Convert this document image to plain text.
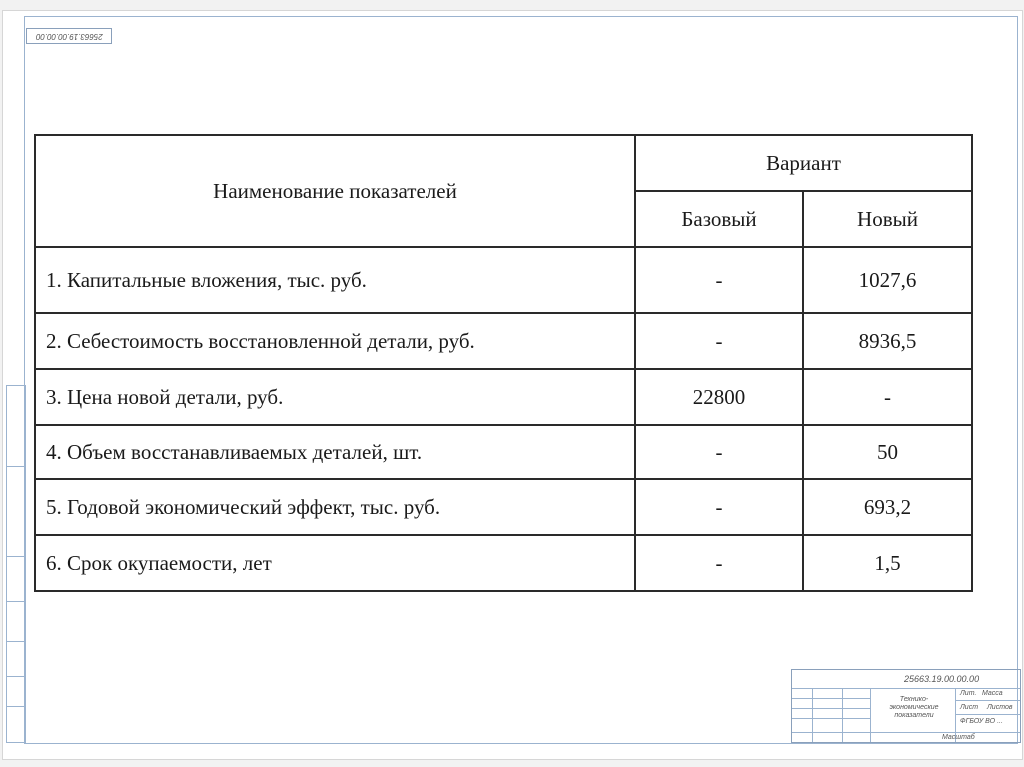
25663.19.00.00.00
Наименование показателей	Вариант	
	Базовый	Новый
1. Капитальные вложения, тыс. руб.	-	1027,6
2. Себестоимость восстановленной детали, руб.	-	8936,5
3. Цена новой детали, руб.	22800	-
4. Объем восстанавливаемых деталей, шт.	-	50
5. Годовой экономический эффект, тыс. руб.	-	693,2
6. Срок окупаемости, лет	-	1,5
25663.19.00.00.00
Технико-экономические показатели
Лит. Масса
Лист Листов
ФГБОУ ВО ...
Масштаб
